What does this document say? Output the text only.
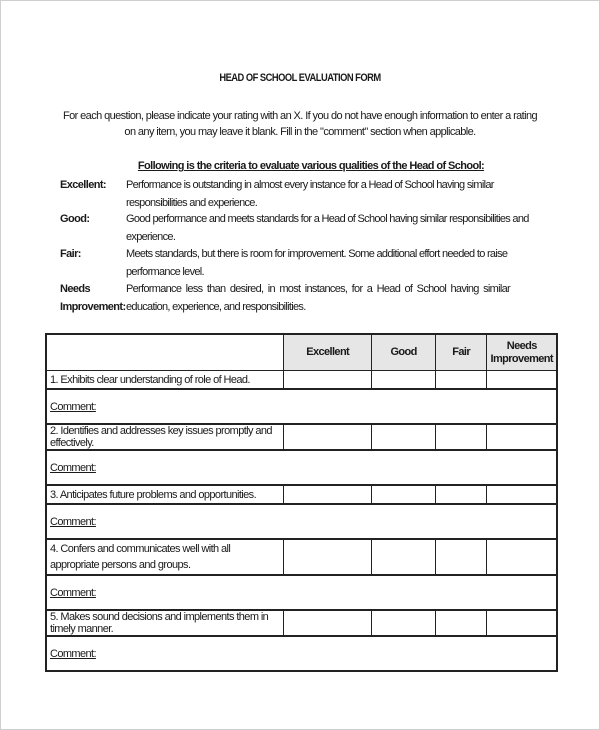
HEAD OF SCHOOL EVALUATION FORM
For each question, please indicate your rating with an X. If you do not have enough information to enter a rating on any item, you may leave it blank. Fill in the "comment" section when applicable.
Following is the criteria to evaluate various qualities of the Head of School:
Excellent: Performance is outstanding in almost every instance for a Head of School having similar responsibilities and experience.
Good:	Good performance and meets standards for a Head of School having similar responsibilities and experience.
Fair:	Meets standards, but there is room for improvement. Some additional effort needed to raise performance level.
Needs
Improvement:
Performance less than desired, in most instances, for a Head of School having similar education, experience, and responsibilities.
	Excellent	Good	Fair	Needs
Improvement

1. Exhibits clear understanding of role of Head.				
Comment:				
2. Identifies and addresses key issues promptly and effectively.				
Comment:				
3. Anticipates future problems and opportunities.				
Comment:				
4. Confers and communicates well with all appropriate persons and groups.				
Comment:				
5. Makes sound decisions and implements them in timely manner.				
Comment:				
